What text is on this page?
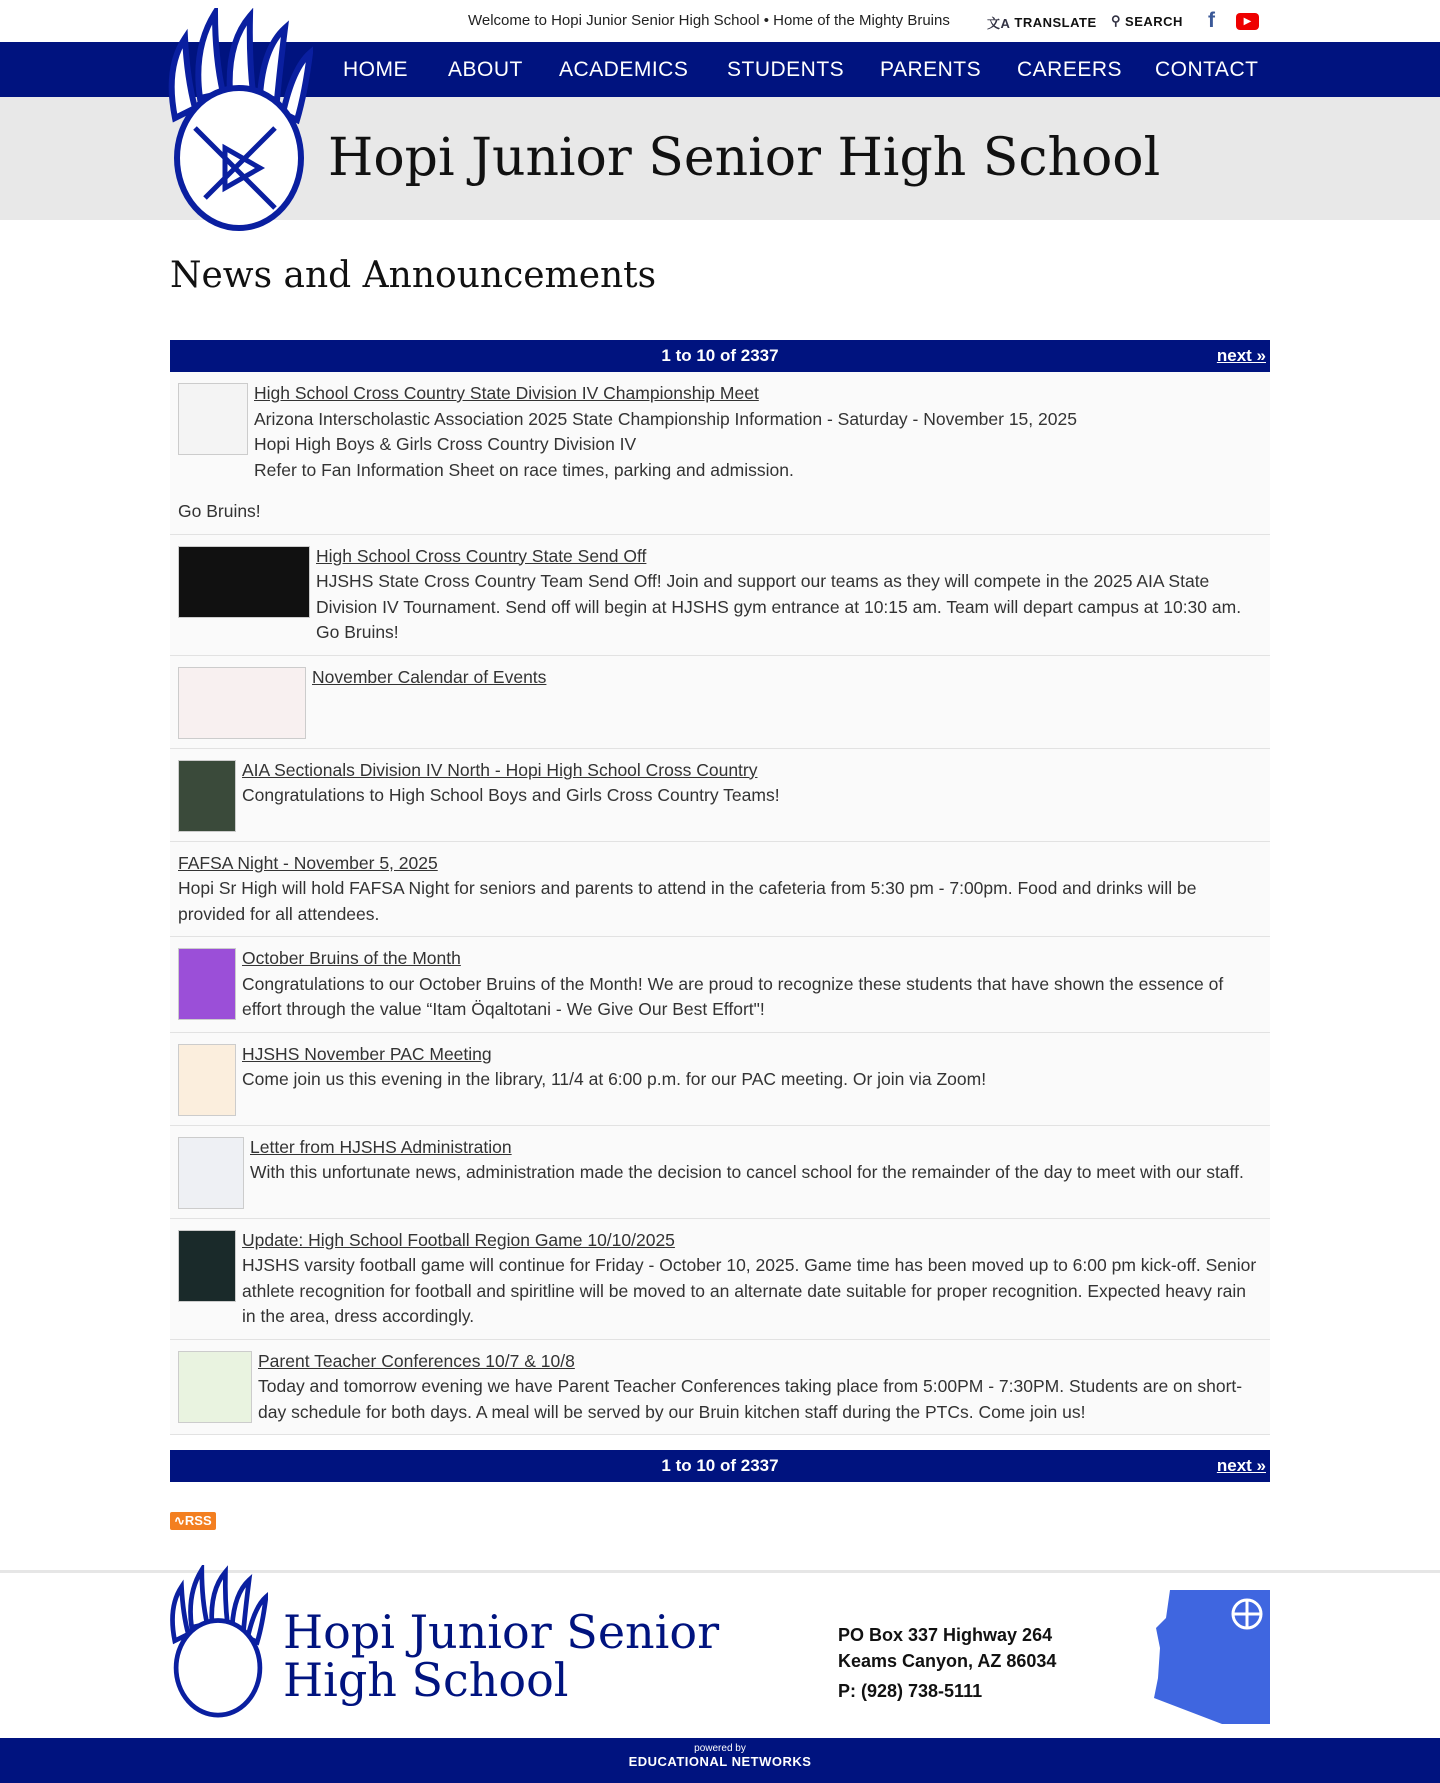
Welcome to Hopi Junior Senior High School • Home of the Mighty Bruins	文A TRANSLATE ⚲ SEARCH f	▶
HOME ABOUT ACADEMICS STUDENTS PARENTS CAREERS CONTACT
Hopi Junior Senior High School
News and Announcements
1 to 10 of 2337	next »
High School Cross Country State Division IV Championship Meet
Arizona Interscholastic Association 2025 State Championship Information - Saturday - November 15, 2025
Hopi High Boys & Girls Cross Country Division IV
Refer to Fan Information Sheet on race times, parking and admission.
Go Bruins!
High School Cross Country State Send Off
HJSHS State Cross Country Team Send Off! Join and support our teams as they will compete in the 2025 AIA State Division IV Tournament. Send off will begin at HJSHS gym entrance at 10:15 am. Team will depart campus at 10:30 am. Go Bruins!
November Calendar of Events
AIA Sectionals Division IV North - Hopi High School Cross Country
Congratulations to High School Boys and Girls Cross Country Teams!
FAFSA Night - November 5, 2025
Hopi Sr High will hold FAFSA Night for seniors and parents to attend in the cafeteria from 5:30 pm - 7:00pm. Food and drinks will be provided for all attendees.
October Bruins of the Month
Congratulations to our October Bruins of the Month! We are proud to recognize these students that have shown the essence of effort through the value “Itam Öqaltotani - We Give Our Best Effort"!
HJSHS November PAC Meeting
Come join us this evening in the library, 11/4 at 6:00 p.m. for our PAC meeting. Or join via Zoom!
Letter from HJSHS Administration
With this unfortunate news, administration made the decision to cancel school for the remainder of the day to meet with our staff.
Update: High School Football Region Game 10/10/2025
HJSHS varsity football game will continue for Friday - October 10, 2025. Game time has been moved up to 6:00 pm kick-off. Senior athlete recognition for football and spiritline will be moved to an alternate date suitable for proper recognition. Expected heavy rain in the area, dress accordingly.
Parent Teacher Conferences 10/7 & 10/8
Today and tomorrow evening we have Parent Teacher Conferences taking place from 5:00PM - 7:30PM. Students are on short-day schedule for both days. A meal will be served by our Bruin kitchen staff during the PTCs. Come join us!
1 to 10 of 2337	next »
∿RSS
Hopi Junior Senior
High School
PO Box 337 Highway 264
Keams Canyon, AZ 86034
P: (928) 738-5111
powered by
EDUCATIONAL NETWORKS
